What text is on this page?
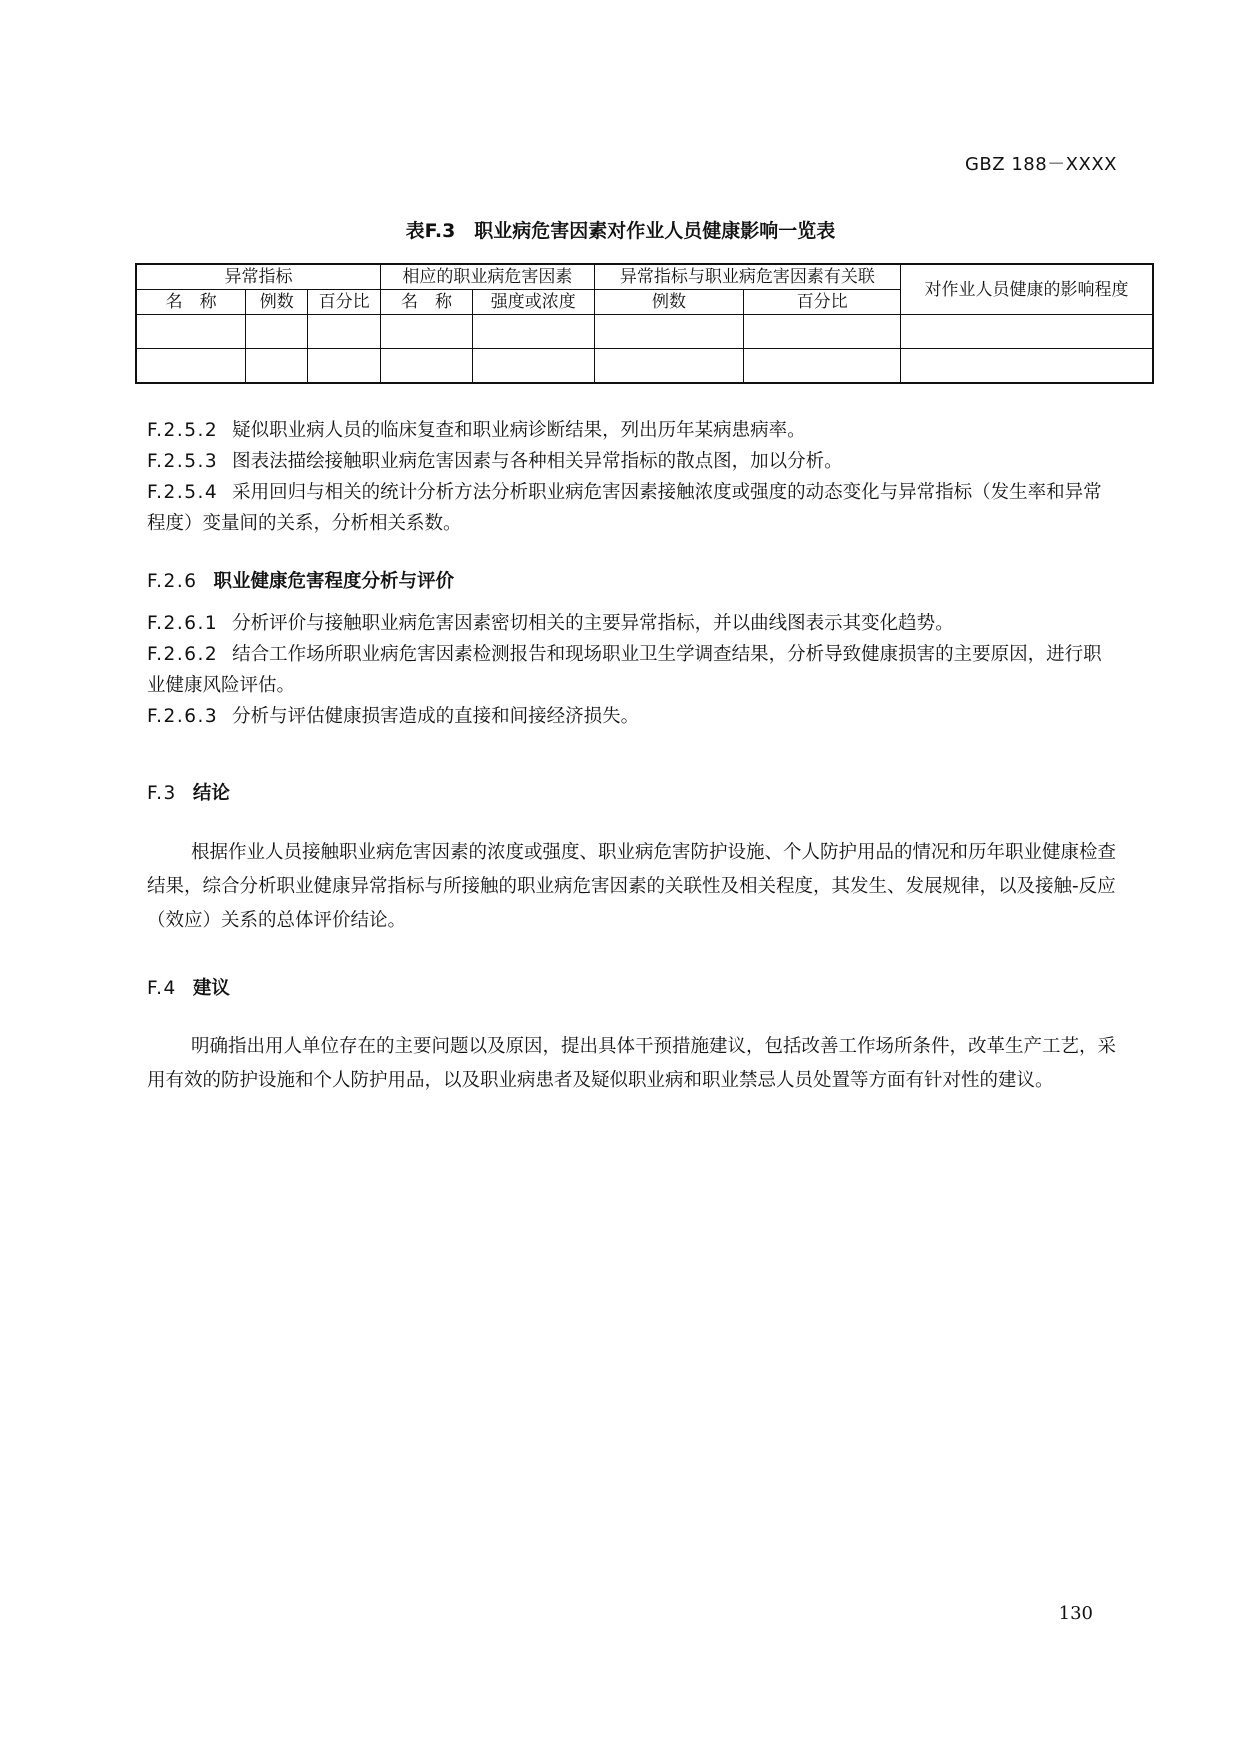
GBZ 188－XXXX
表F.3　职业病危害因素对作业人员健康影响一览表
异常指标			相应的职业病危害因素		异常指标与职业病危害因素有关联		对作业人员健康的影响程度
名　称	例数	百分比	名　称	强度或浓度	例数	百分比	

F.2.5.2 疑似职业病人员的临床复查和职业病诊断结果，列出历年某病患病率。

F.2.5.3 图表法描绘接触职业病危害因素与各种相关异常指标的散点图，加以分析。

F.2.5.4 采用回归与相关的统计分析方法分析职业病危害因素接触浓度或强度的动态变化与异常指标（发生率和异常程度）变量间的关系，分析相关系数。

F.2.6 职业健康危害程度分析与评价

F.2.6.1 分析评价与接触职业病危害因素密切相关的主要异常指标，并以曲线图表示其变化趋势。

F.2.6.2 结合工作场所职业病危害因素检测报告和现场职业卫生学调查结果，分析导致健康损害的主要原因，进行职业健康风险评估。

F.2.6.3 分析与评估健康损害造成的直接和间接经济损失。

F.3 结论

根据作业人员接触职业病危害因素的浓度或强度、职业病危害防护设施、个人防护用品的情况和历年职业健康检查结果，综合分析职业健康异常指标与所接触的职业病危害因素的关联性及相关程度，其发生、发展规律，以及接触-反应（效应）关系的总体评价结论。

F.4 建议

明确指出用人单位存在的主要问题以及原因，提出具体干预措施建议，包括改善工作场所条件，改革生产工艺，采用有效的防护设施和个人防护用品，以及职业病患者及疑似职业病和职业禁忌人员处置等方面有针对性的建议。

130
